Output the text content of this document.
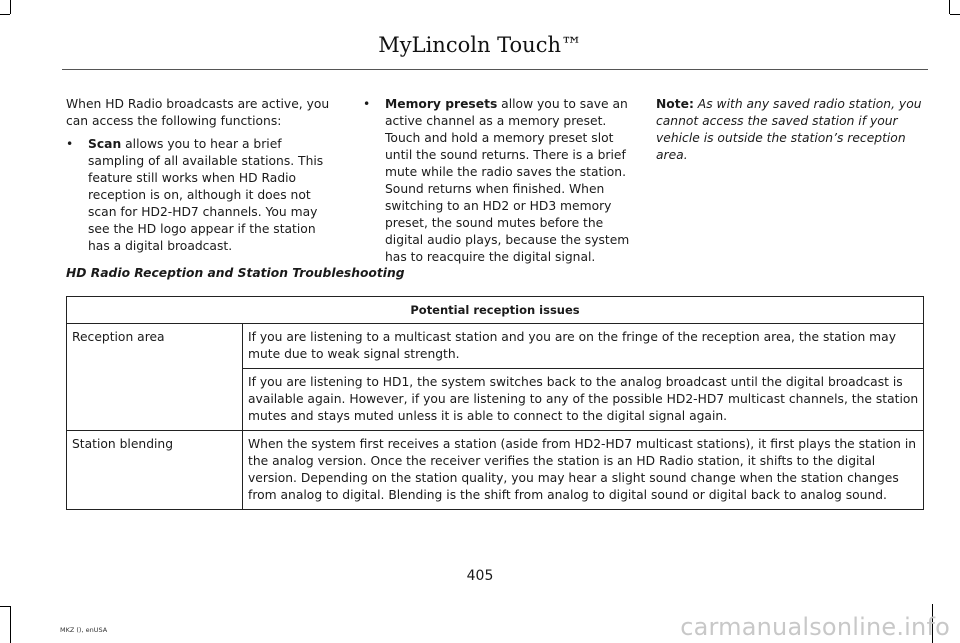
MyLincoln Touch™

When HD Radio broadcasts are active, you can access the following functions:

• Scan allows you to hear a brief sampling of all available stations. This feature still works when HD Radio reception is on, although it does not scan for HD2-HD7 channels. You may see the HD logo appear if the station has a digital broadcast.

• Memory presets allow you to save an active channel as a memory preset. Touch and hold a memory preset slot until the sound returns. There is a brief mute while the radio saves the station. Sound returns when finished. When switching to an HD2 or HD3 memory preset, the sound mutes before the digital audio plays, because the system has to reacquire the digital signal.

Note: As with any saved radio station, you cannot access the saved station if your vehicle is outside the station’s reception area.

HD Radio Reception and Station Troubleshooting
Potential reception issues	
Reception area	If you are listening to a multicast station and you are on the fringe of the reception area, the station may mute due to weak signal strength.
	If you are listening to HD1, the system switches back to the analog broadcast until the digital broadcast is available again. However, if you are listening to any of the possible HD2-HD7 multicast channels, the station mutes and stays muted unless it is able to connect to the digital signal again.
Station blending	When the system first receives a station (aside from HD2-HD7 multicast stations), it first plays the station in the analog version. Once the receiver verifies the station is an HD Radio station, it shifts to the digital version. Depending on the station quality, you may hear a slight sound change when the station changes from analog to digital. Blending is the shift from analog to digital sound or digital back to analog sound.
405
MKZ (), enUSA	carmanualsonline.info
